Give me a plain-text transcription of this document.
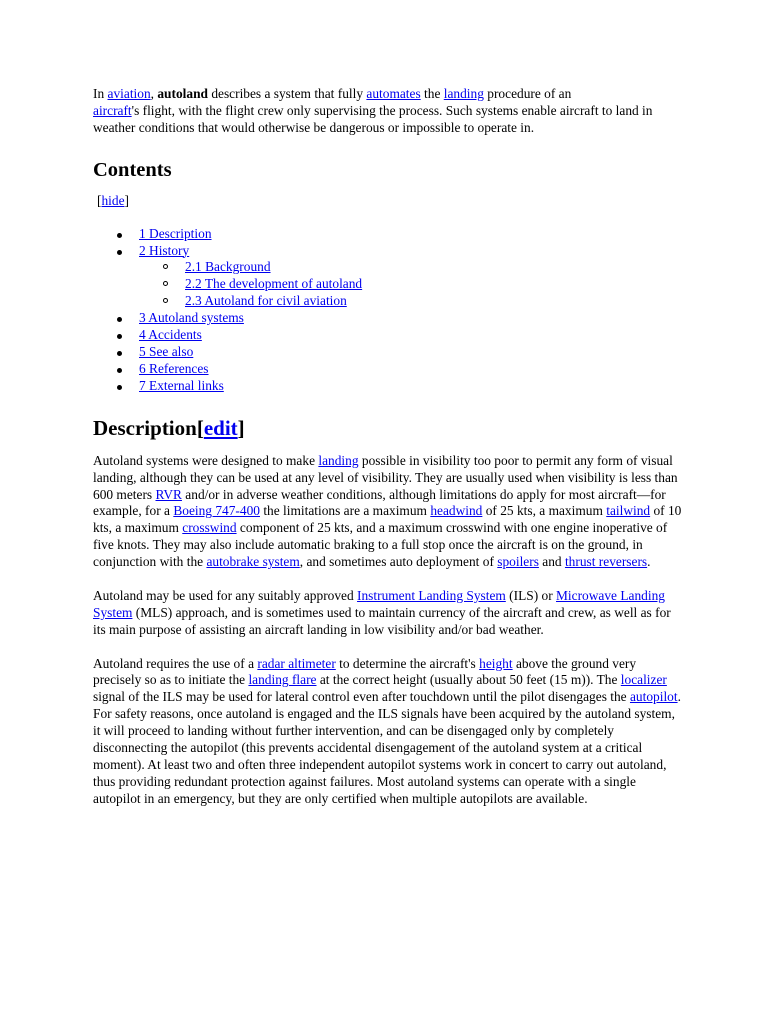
In aviation, autoland describes a system that fully automates the landing procedure of an
aircraft's flight, with the flight crew only supervising the process. Such systems enable aircraft to land in weather conditions that would otherwise be dangerous or impossible to operate in.

Contents
[hide]
1 Description
2 History
2.1 Background
2.2 The development of autoland
2.3 Autoland for civil aviation
3 Autoland systems
4 Accidents
5 See also
6 References
7 External links
Description[edit]

Autoland systems were designed to make landing possible in visibility too poor to permit any form of visual landing, although they can be used at any level of visibility. They are usually used when visibility is less than 600 meters RVR and/or in adverse weather conditions, although limitations do apply for most aircraft—for example, for a Boeing 747-400 the limitations are a maximum headwind of 25 kts, a maximum tailwind of 10 kts, a maximum crosswind component of 25 kts, and a maximum crosswind with one engine inoperative of five knots. They may also include automatic braking to a full stop once the aircraft is on the ground, in conjunction with the autobrake system, and sometimes auto deployment of spoilers and thrust reversers.

Autoland may be used for any suitably approved Instrument Landing System (ILS) or Microwave Landing System (MLS) approach, and is sometimes used to maintain currency of the aircraft and crew, as well as for its main purpose of assisting an aircraft landing in low visibility and/or bad weather.

Autoland requires the use of a radar altimeter to determine the aircraft's height above the ground very precisely so as to initiate the landing flare at the correct height (usually about 50 feet (15 m)). The localizer signal of the ILS may be used for lateral control even after touchdown until the pilot disengages the autopilot. For safety reasons, once autoland is engaged and the ILS signals have been acquired by the autoland system, it will proceed to landing without further intervention, and can be disengaged only by completely disconnecting the autopilot (this prevents accidental disengagement of the autoland system at a critical moment). At least two and often three independent autopilot systems work in concert to carry out autoland, thus providing redundant protection against failures. Most autoland systems can operate with a single autopilot in an emergency, but they are only certified when multiple autopilots are available.
